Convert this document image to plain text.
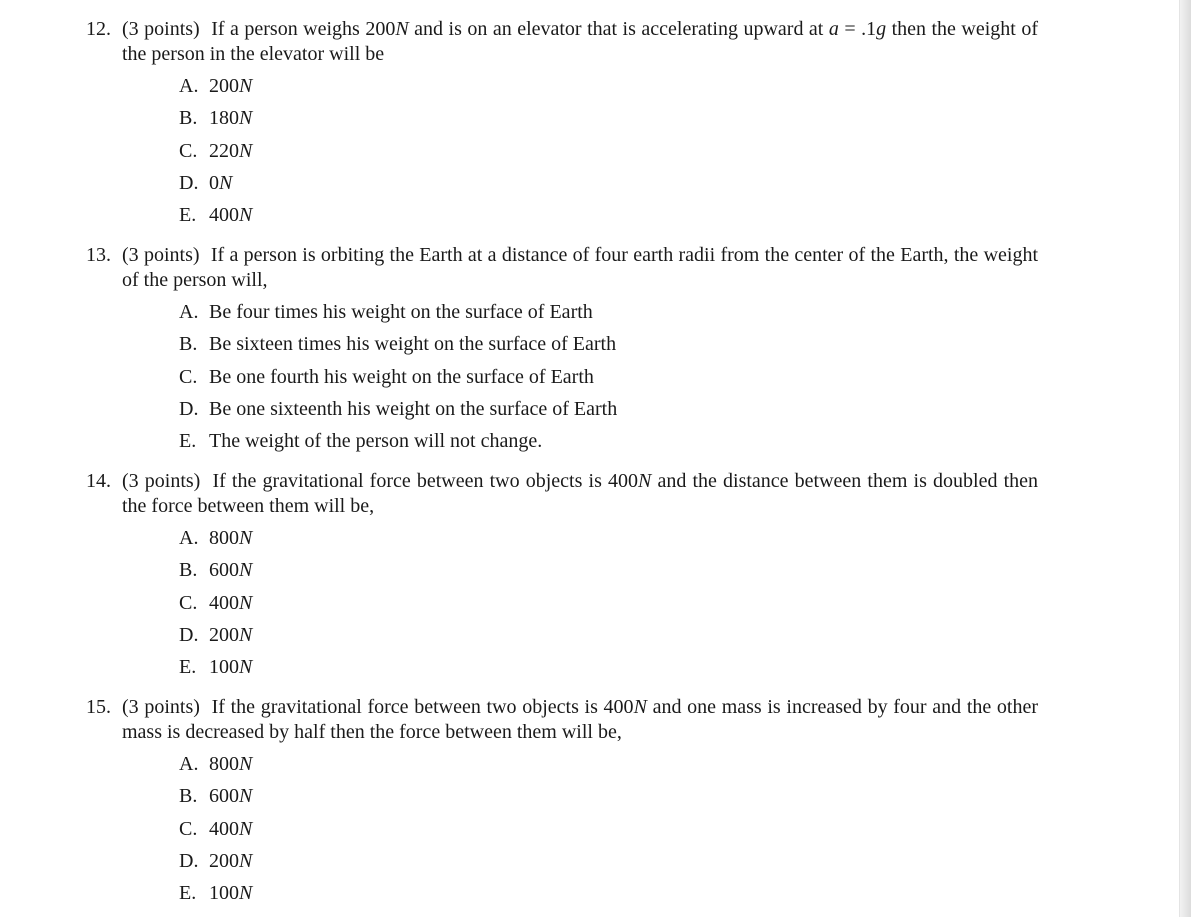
12. (3 points) If a person weighs 200N and is on an elevator that is accelerating upward at a = .1g then the weight of the person in the elevator will be
A. 200N
B. 180N
C. 220N
D. 0N
E. 400N
13. (3 points) If a person is orbiting the Earth at a distance of four earth radii from the center of the Earth, the weight of the person will,
A. Be four times his weight on the surface of Earth
B. Be sixteen times his weight on the surface of Earth
C. Be one fourth his weight on the surface of Earth
D. Be one sixteenth his weight on the surface of Earth
E. The weight of the person will not change.
14. (3 points) If the gravitational force between two objects is 400N and the distance between them is doubled then the force between them will be,
A. 800N
B. 600N
C. 400N
D. 200N
E. 100N
15. (3 points) If the gravitational force between two objects is 400N and one mass is increased by four and the other mass is decreased by half then the force between them will be,
A. 800N
B. 600N
C. 400N
D. 200N
E. 100N
